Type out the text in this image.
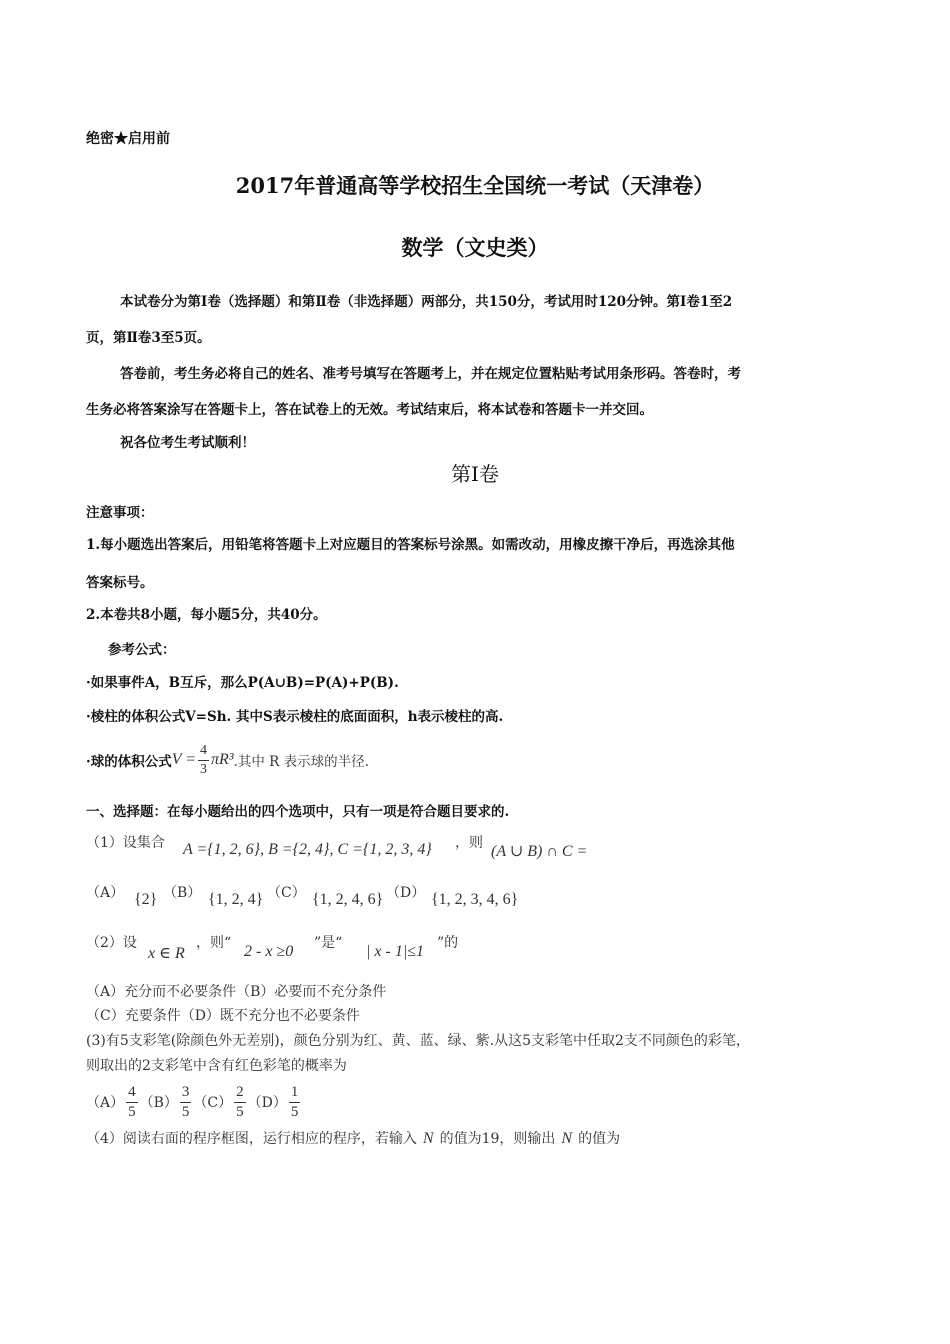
绝密★启用前
2017年普通高等学校招生全国统一考试（天津卷）
数学（文史类）
本试卷分为第Ⅰ卷（选择题）和第Ⅱ卷（非选择题）两部分，共150分，考试用时120分钟。第Ⅰ卷1至2
页，第Ⅱ卷3至5页。
答卷前，考生务必将自己的姓名、准考号填写在答题考上，并在规定位置粘贴考试用条形码。答卷时，考
生务必将答案涂写在答题卡上，答在试卷上的无效。考试结束后，将本试卷和答题卡一并交回。
祝各位考生考试顺利！
第Ⅰ卷
注意事项：
1.每小题选出答案后，用铅笔将答题卡上对应题目的答案标号涂黑。如需改动，用橡皮擦干净后，再选涂其他
答案标号。
2.本卷共8小题，每小题5分，共40分。
参考公式：
·如果事件A，B互斥，那么P(A∪B)=P(A)+P(B).
·棱柱的体积公式V=Sh. 其中S表示棱柱的底面面积，h表示棱柱的高.
·球的体积公式 $V = \frac{4}{3} \pi R^3$ .其中 R 表示球的半径.
一、选择题：在每小题给出的四个选项中，只有一项是符合题目要求的.
（1）设集合 A ={1, 2, 6}, B ={2, 4}, C ={1, 2, 3, 4} ，则 (A ∪ B) ∩ C =
（A） {2} （B） {1, 2, 4} （C） {1, 2, 4, 6} （D） {1, 2, 3, 4, 6}
（2）设
x ∈ R
，则“ 2 - x ≥0 ”是“ | x - 1|≤1 ”的
（A）充分而不必要条件（B）必要而不充分条件
（C）充要条件（D）既不充分也不必要条件
(3)有5支彩笔(除颜色外无差别)，颜色分别为红、黄、蓝、绿、紫.从这5支彩笔中任取2支不同颜色的彩笔，
则取出的2支彩笔中含有红色彩笔的概率为
$(A) \frac{4}{5} (B) \frac{3}{5} (C) \frac{2}{5} (D) \frac{1}{5}$
（4）阅读右面的程序框图，运行相应的程序，若输入 N 的值为19，则输出 N 的值为
